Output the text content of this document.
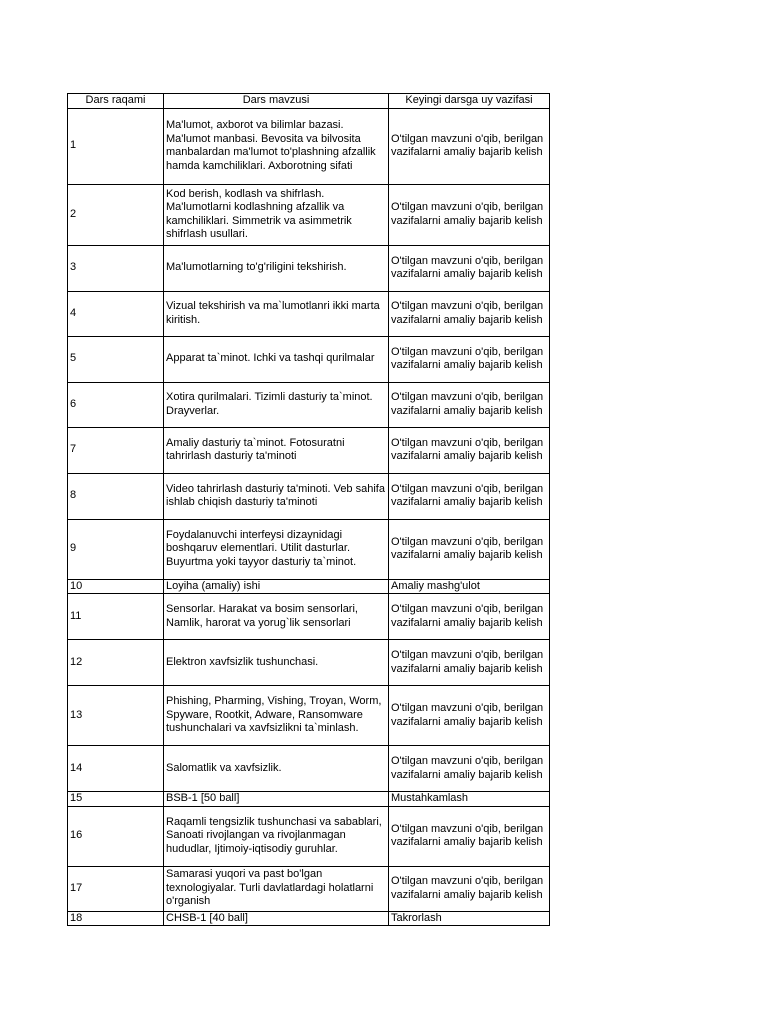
Dars raqami	Dars mavzusi	Keyingi darsga uy vazifasi
1	Ma'lumot, axborot va bilimlar bazasi. Ma'lumot manbasi. Bevosita va bilvosita manbalardan ma'lumot to'plashning afzallik hamda kamchiliklari. Axborotning sifati	O'tilgan mavzuni o'qib, berilgan vazifalarni amaliy bajarib kelish
2	Kod berish, kodlash va shifrlash. Ma'lumotlarni kodlashning afzallik va kamchiliklari. Simmetrik va asimmetrik shifrlash usullari.	O'tilgan mavzuni o'qib, berilgan vazifalarni amaliy bajarib kelish
3	Ma'lumotlarning to'g'riligini tekshirish.	O'tilgan mavzuni o'qib, berilgan vazifalarni amaliy bajarib kelish
4	Vizual tekshirish va ma`lumotlanri ikki marta kiritish.	O'tilgan mavzuni o'qib, berilgan vazifalarni amaliy bajarib kelish
5	Apparat ta`minot. Ichki va tashqi qurilmalar	O'tilgan mavzuni o'qib, berilgan vazifalarni amaliy bajarib kelish
6	Xotira qurilmalari. Tizimli dasturiy ta`minot. Drayverlar.	O'tilgan mavzuni o'qib, berilgan vazifalarni amaliy bajarib kelish
7	Amaliy dasturiy ta`minot. Fotosuratni tahrirlash dasturiy ta'minoti	O'tilgan mavzuni o'qib, berilgan vazifalarni amaliy bajarib kelish
8	Video tahrirlash dasturiy ta'minoti. Veb sahifa ishlab chiqish dasturiy ta'minoti	O'tilgan mavzuni o'qib, berilgan vazifalarni amaliy bajarib kelish
9	Foydalanuvchi interfeysi dizaynidagi boshqaruv elementlari. Utilit dasturlar. Buyurtma yoki tayyor dasturiy ta`minot.	O'tilgan mavzuni o'qib, berilgan vazifalarni amaliy bajarib kelish
10	Loyiha (amaliy) ishi	Amaliy mashg'ulot
11	Sensorlar. Harakat va bosim sensorlari, Namlik, harorat va yorug`lik sensorlari	O'tilgan mavzuni o'qib, berilgan vazifalarni amaliy bajarib kelish
12	Elektron xavfsizlik tushunchasi.	O'tilgan mavzuni o'qib, berilgan vazifalarni amaliy bajarib kelish
13	Phishing, Pharming, Vishing, Troyan, Worm, Spyware, Rootkit, Adware, Ransomware tushunchalari va xavfsizlikni ta`minlash.	O'tilgan mavzuni o'qib, berilgan vazifalarni amaliy bajarib kelish
14	Salomatlik va xavfsizlik.	O'tilgan mavzuni o'qib, berilgan vazifalarni amaliy bajarib kelish
15	BSB-1 [50 ball]	Mustahkamlash
16	Raqamli tengsizlik tushunchasi va sabablari, Sanoati rivojlangan va rivojlanmagan hududlar, Ijtimoiy-iqtisodiy guruhlar.	O'tilgan mavzuni o'qib, berilgan vazifalarni amaliy bajarib kelish
17	Samarasi yuqori va past bo'lgan texnologiyalar. Turli davlatlardagi holatlarni o'rganish	O'tilgan mavzuni o'qib, berilgan vazifalarni amaliy bajarib kelish
18	CHSB-1 [40 ball]	Takrorlash
